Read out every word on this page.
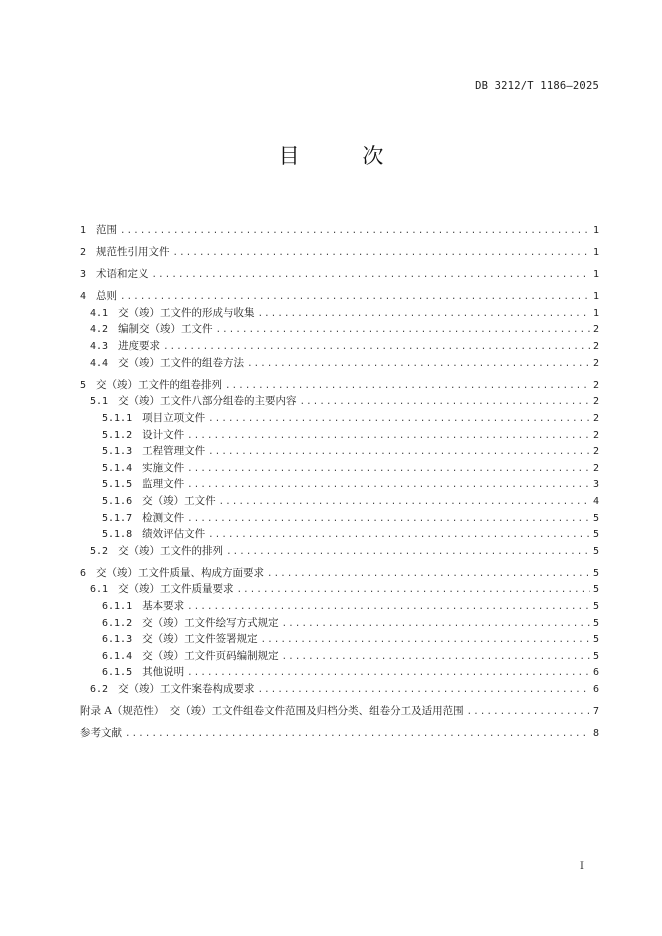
DB 3212/T 1186—2025
目 次
1 范围 .....	1
2 规范性引用文件 .....	1
3 术语和定义 .....	1
4 总则 .....	1
4.1 交（竣）工文件的形成与收集 .....	1
4.2 编制交（竣）工文件 .....	2
4.3 进度要求 .....	2
4.4 交（竣）工文件的组卷方法 .....	2
5 交（竣）工文件的组卷排列 .....	2
5.1 交（竣）工文件八部分组卷的主要内容 .....	2
5.1.1 项目立项文件 .....	2
5.1.2 设计文件 .....	2
5.1.3 工程管理文件 .....	2
5.1.4 实施文件 .....	2
5.1.5 监理文件 .....	3
5.1.6 交（竣）工文件 .....	4
5.1.7 检测文件 .....	5
5.1.8 绩效评估文件 .....	5
5.2 交（竣）工文件的排列 .....	5
6 交（竣）工文件质量、构成方面要求 .....	5
6.1 交（竣）工文件质量要求 .....	5
6.1.1 基本要求 .....	5
6.1.2 交（竣）工文件绘写方式规定 .....	5
6.1.3 交（竣）工文件签署规定 .....	5
6.1.4 交（竣）工文件页码编制规定 .....	5
6.1.5 其他说明 .....	6
6.2 交（竣）工文件案卷构成要求 .....	6
附录 A（规范性）　交（竣）工文件组卷文件范围及归档分类、组卷分工及适用范围 .....	7
参考文献 .....	8
I
